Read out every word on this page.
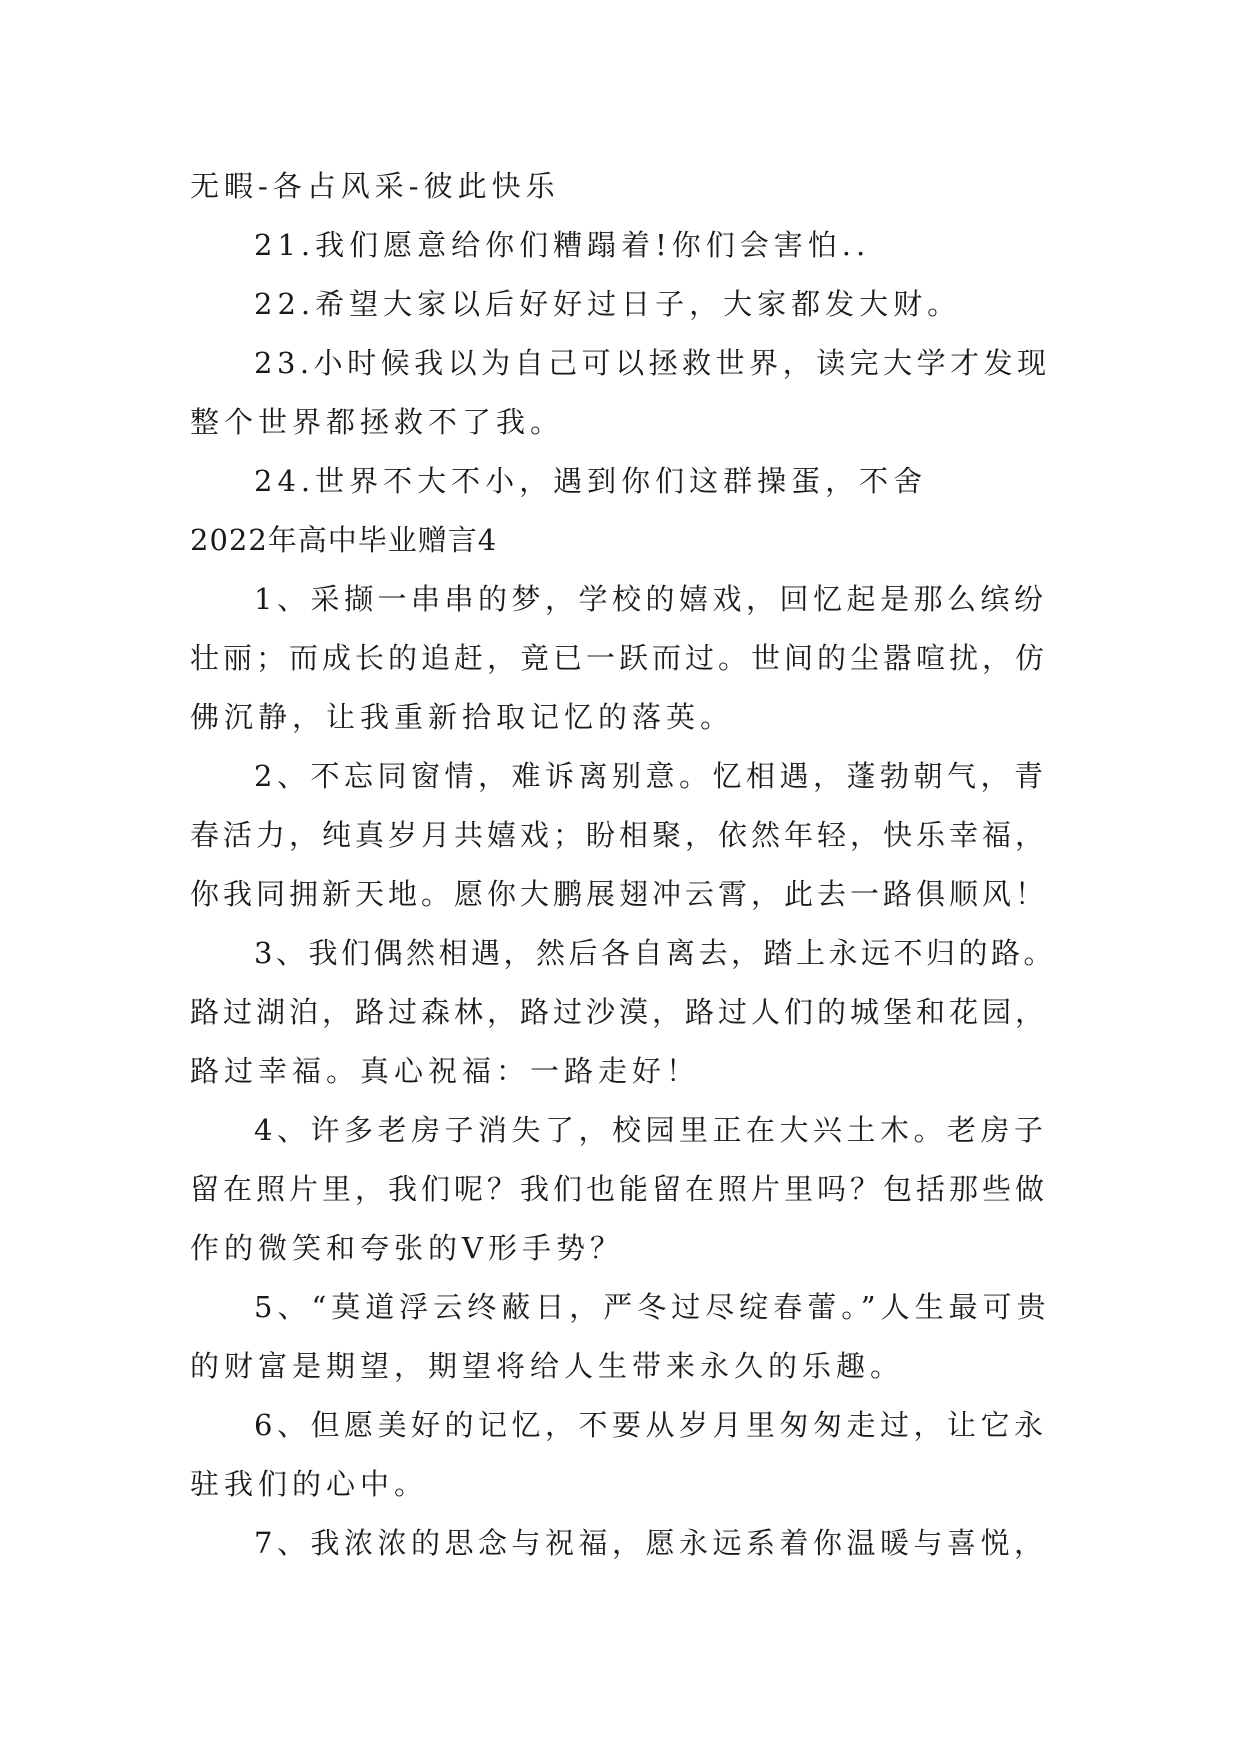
无暇-各占风采-彼此快乐
21.我们愿意给你们糟蹋着!你们会害怕..
22.希望大家以后好好过日子，大家都发大财。
23.小时候我以为自己可以拯救世界，读完大学才发现
整个世界都拯救不了我。
24.世界不大不小，遇到你们这群操蛋，不舍
2022年高中毕业赠言4
1、采撷一串串的梦，学校的嬉戏，回忆起是那么缤纷
壮丽；而成长的追赶，竟已一跃而过。世间的尘嚣喧扰，仿
佛沉静，让我重新拾取记忆的落英。
2、不忘同窗情，难诉离别意。忆相遇，蓬勃朝气，青
春活力，纯真岁月共嬉戏；盼相聚，依然年轻，快乐幸福，
你我同拥新天地。愿你大鹏展翅冲云霄，此去一路俱顺风！
3、我们偶然相遇，然后各自离去，踏上永远不归的路。
路过湖泊，路过森林，路过沙漠，路过人们的城堡和花园，
路过幸福。真心祝福：一路走好！
4、许多老房子消失了，校园里正在大兴土木。老房子
留在照片里，我们呢？我们也能留在照片里吗？包括那些做
作的微笑和夸张的V形手势？
5、“莫道浮云终蔽日，严冬过尽绽春蕾。”人生最可贵
的财富是期望，期望将给人生带来永久的乐趣。
6、但愿美好的记忆，不要从岁月里匆匆走过，让它永
驻我们的心中。
7、我浓浓的思念与祝福，愿永远系着你温暖与喜悦，
